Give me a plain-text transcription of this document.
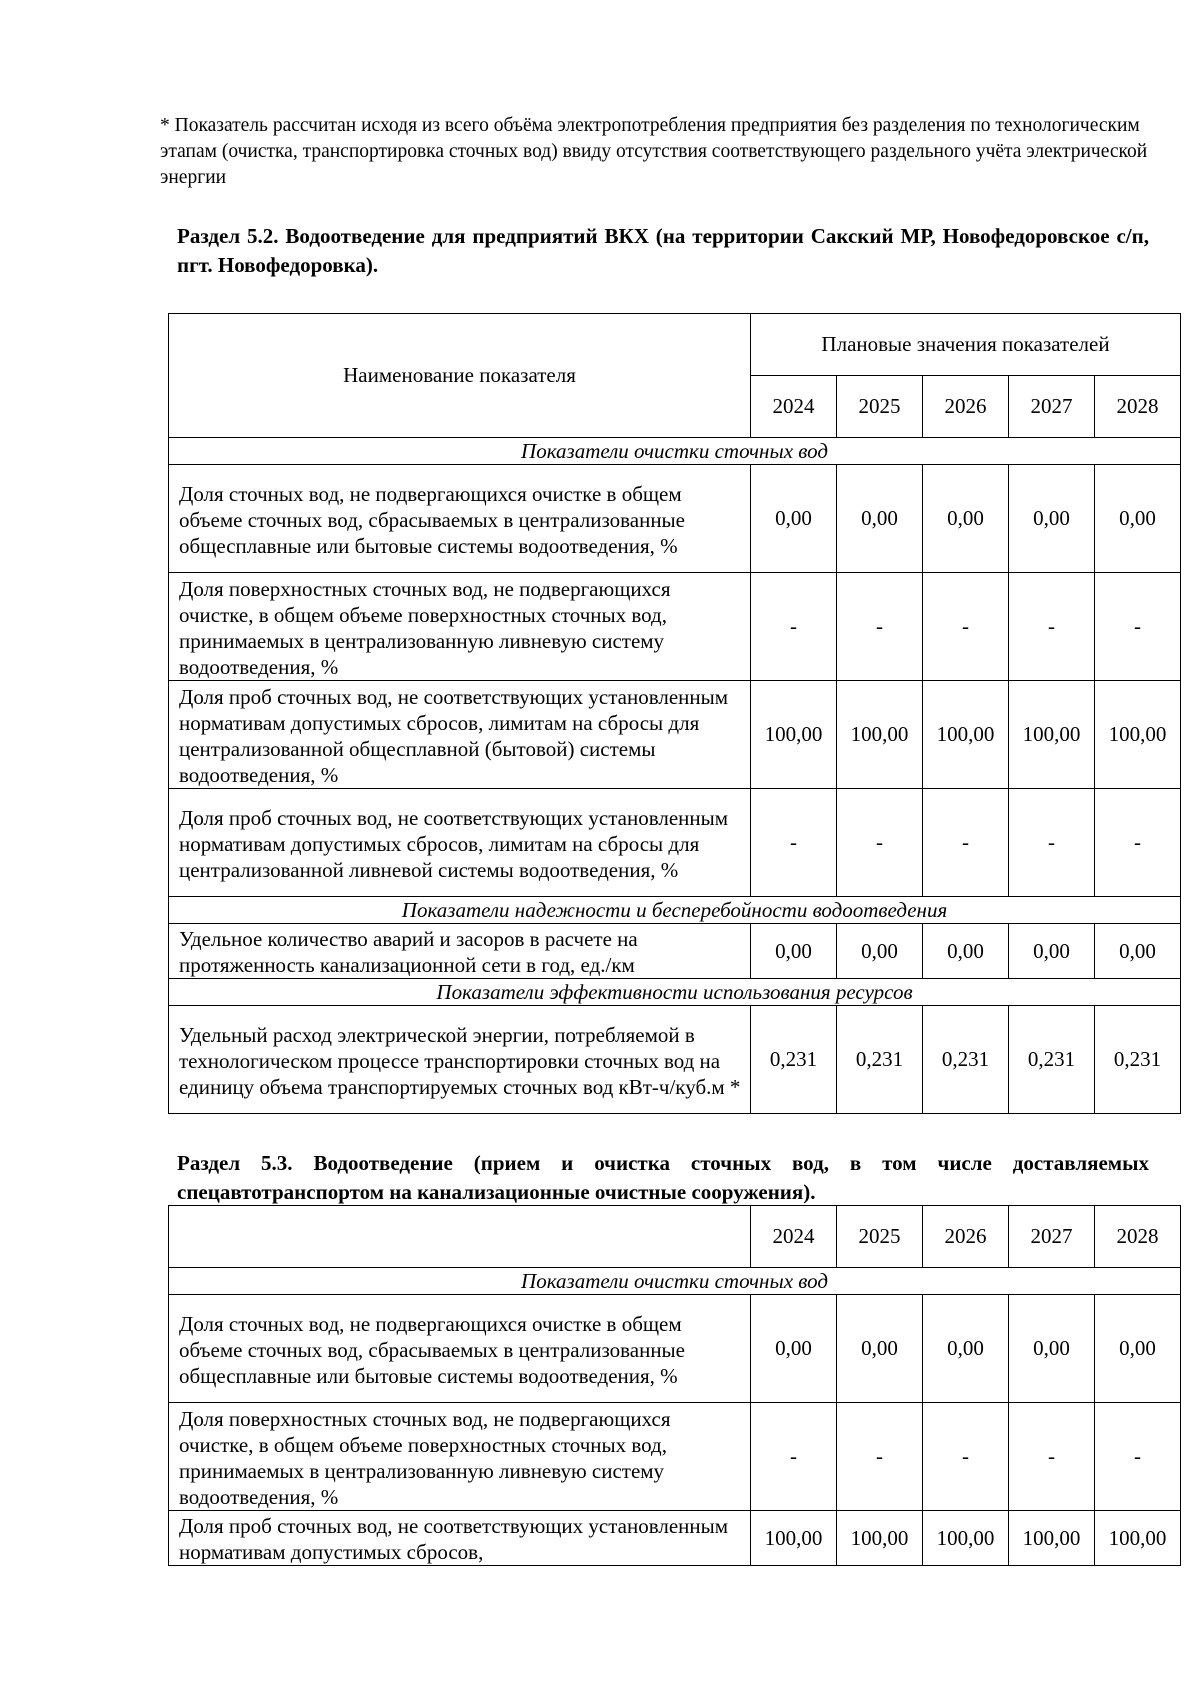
* Показатель рассчитан исходя из всего объёма электропотребления предприятия без разделения по технологическим этапам (очистка, транспортировка сточных вод) ввиду отсутствия соответствующего раздельного учёта электрической энергии
Раздел 5.2. Водоотведение для предприятий ВКХ (на территории Сакский МР, Новофедоровское с/п, пгт. Новофедоровка).
Наименование показателя	Плановые значения показателей				
	2024	2025	2026	2027	2028
Показатели очистки сточных вод					
Доля сточных вод, не подвергающихся очистке в общем объеме сточных вод, сбрасываемых в централизованные общесплавные или бытовые системы водоотведения, %	0,00	0,00	0,00	0,00	0,00
Доля поверхностных сточных вод, не подвергающихся очистке, в общем объеме поверхностных сточных вод, принимаемых в централизованную ливневую систему водоотведения, %	-	-	-	-	-
Доля проб сточных вод, не соответствующих установленным нормативам допустимых сбросов, лимитам на сбросы для централизованной общесплавной (бытовой) системы водоотведения, %	100,00	100,00	100,00	100,00	100,00
Доля проб сточных вод, не соответствующих установленным нормативам допустимых сбросов, лимитам на сбросы для централизованной ливневой системы водоотведения, %	-	-	-	-	-
Показатели надежности и бесперебойности водоотведения					
Удельное количество аварий и засоров в расчете на протяженность канализационной сети в год, ед./км	0,00	0,00	0,00	0,00	0,00
Показатели эффективности использования ресурсов					
Удельный расход электрической энергии, потребляемой в технологическом процессе транспортировки сточных вод на единицу объема транспортируемых сточных вод кВт-ч/куб.м *	0,231	0,231	0,231	0,231	0,231
Раздел 5.3. Водоотведение (прием и очистка сточных вод, в том числе доставляемых спецавтотранспортом на канализационные очистные сооружения).
	2024	2025	2026	2027	2028
Показатели очистки сточных вод					
Доля сточных вод, не подвергающихся очистке в общем объеме сточных вод, сбрасываемых в централизованные общесплавные или бытовые системы водоотведения, %	0,00	0,00	0,00	0,00	0,00
Доля поверхностных сточных вод, не подвергающихся очистке, в общем объеме поверхностных сточных вод, принимаемых в централизованную ливневую систему водоотведения, %	-	-	-	-	-
Доля проб сточных вод, не соответствующих установленным нормативам допустимых сбросов,	100,00	100,00	100,00	100,00	100,00
